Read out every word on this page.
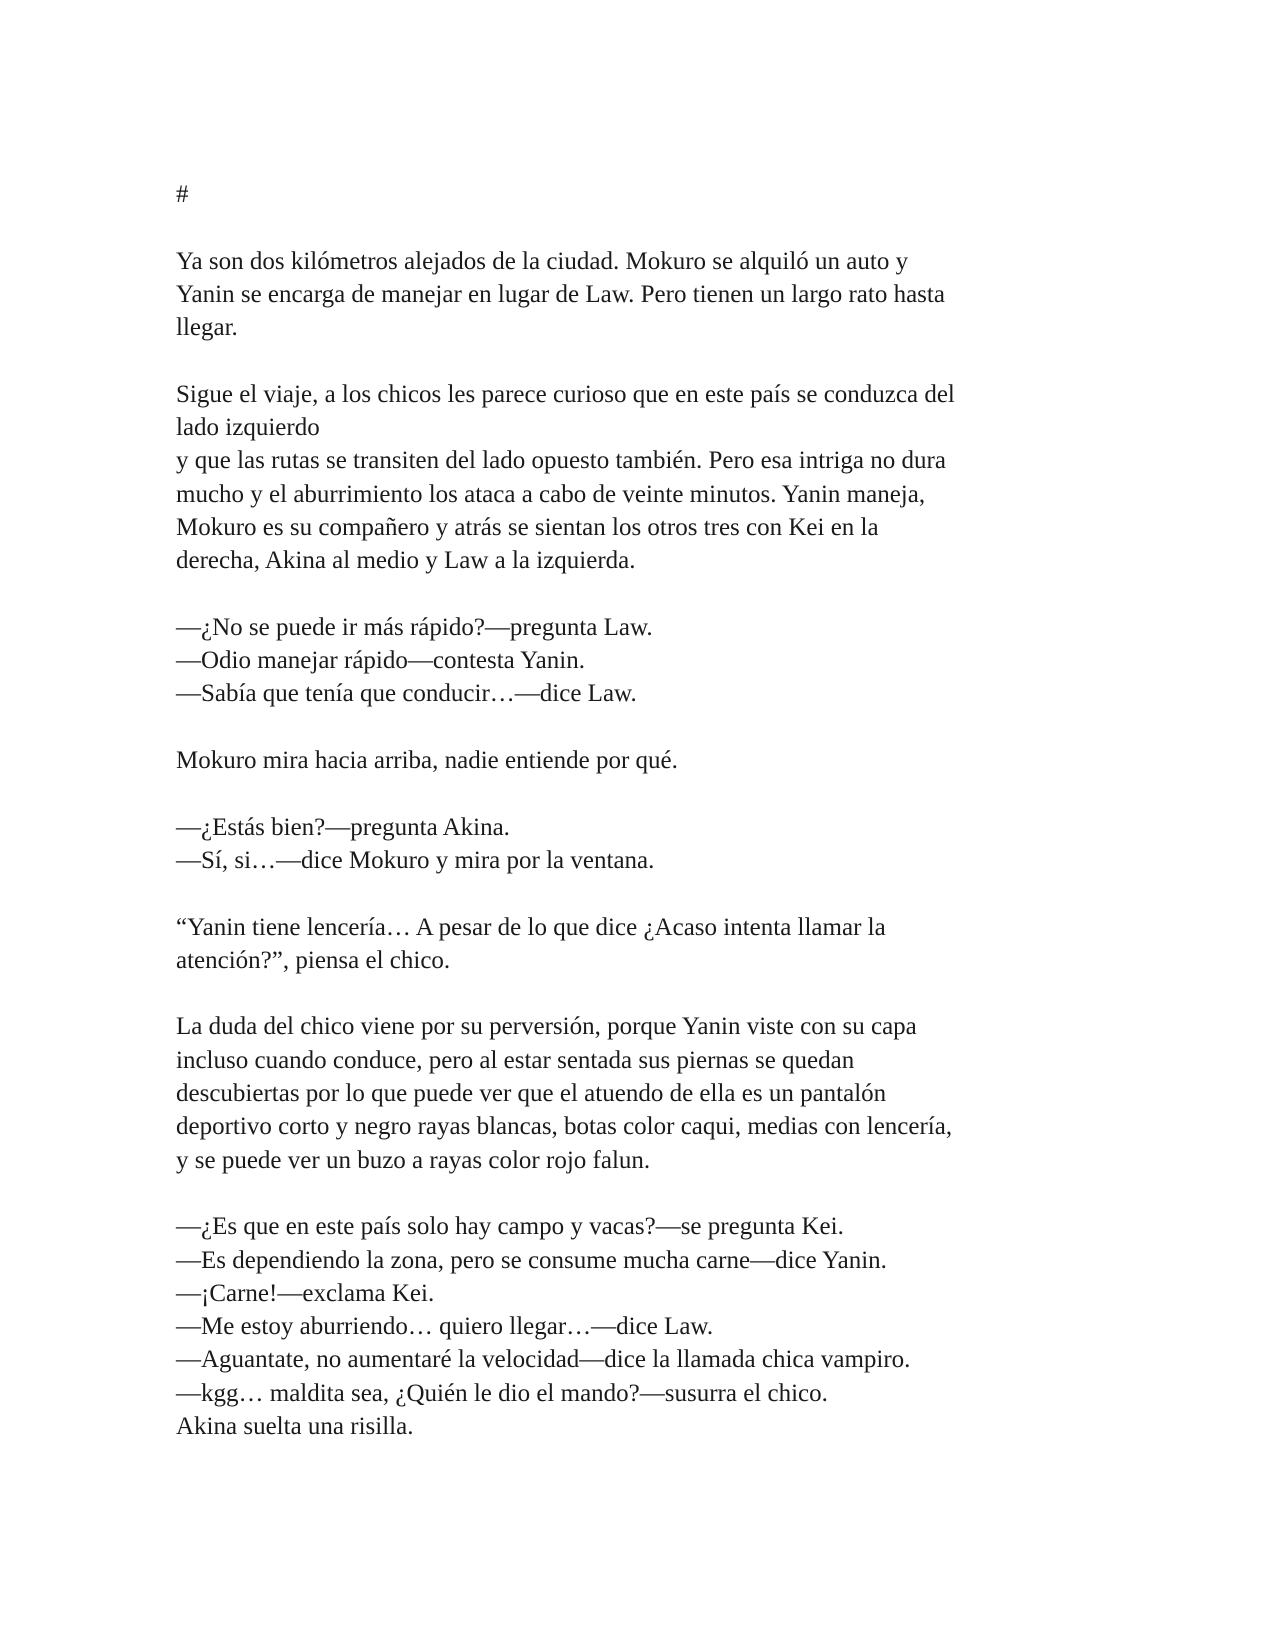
#
Ya son dos kilómetros alejados de la ciudad. Mokuro se alquiló un auto y
Yanin se encarga de manejar en lugar de Law. Pero tienen un largo rato hasta
llegar.
Sigue el viaje, a los chicos les parece curioso que en este país se conduzca del
lado izquierdo
y que las rutas se transiten del lado opuesto también. Pero esa intriga no dura
mucho y el aburrimiento los ataca a cabo de veinte minutos. Yanin maneja,
Mokuro es su compañero y atrás se sientan los otros tres con Kei en la
derecha, Akina al medio y Law a la izquierda.
—¿No se puede ir más rápido?—pregunta Law.
—Odio manejar rápido—contesta Yanin.
—Sabía que tenía que conducir…—dice Law.
Mokuro mira hacia arriba, nadie entiende por qué.
—¿Estás bien?—pregunta Akina.
—Sí, si…—dice Mokuro y mira por la ventana.
“Yanin tiene lencería… A pesar de lo que dice ¿Acaso intenta llamar la
atención?”, piensa el chico.
La duda del chico viene por su perversión, porque Yanin viste con su capa
incluso cuando conduce, pero al estar sentada sus piernas se quedan
descubiertas por lo que puede ver que el atuendo de ella es un pantalón
deportivo corto y negro rayas blancas, botas color caqui, medias con lencería,
y se puede ver un buzo a rayas color rojo falun.
—¿Es que en este país solo hay campo y vacas?—se pregunta Kei.
—Es dependiendo la zona, pero se consume mucha carne—dice Yanin.
—¡Carne!—exclama Kei.
—Me estoy aburriendo… quiero llegar…—dice Law.
—Aguantate, no aumentaré la velocidad—dice la llamada chica vampiro.
—kgg… maldita sea, ¿Quién le dio el mando?—susurra el chico.
Akina suelta una risilla.
